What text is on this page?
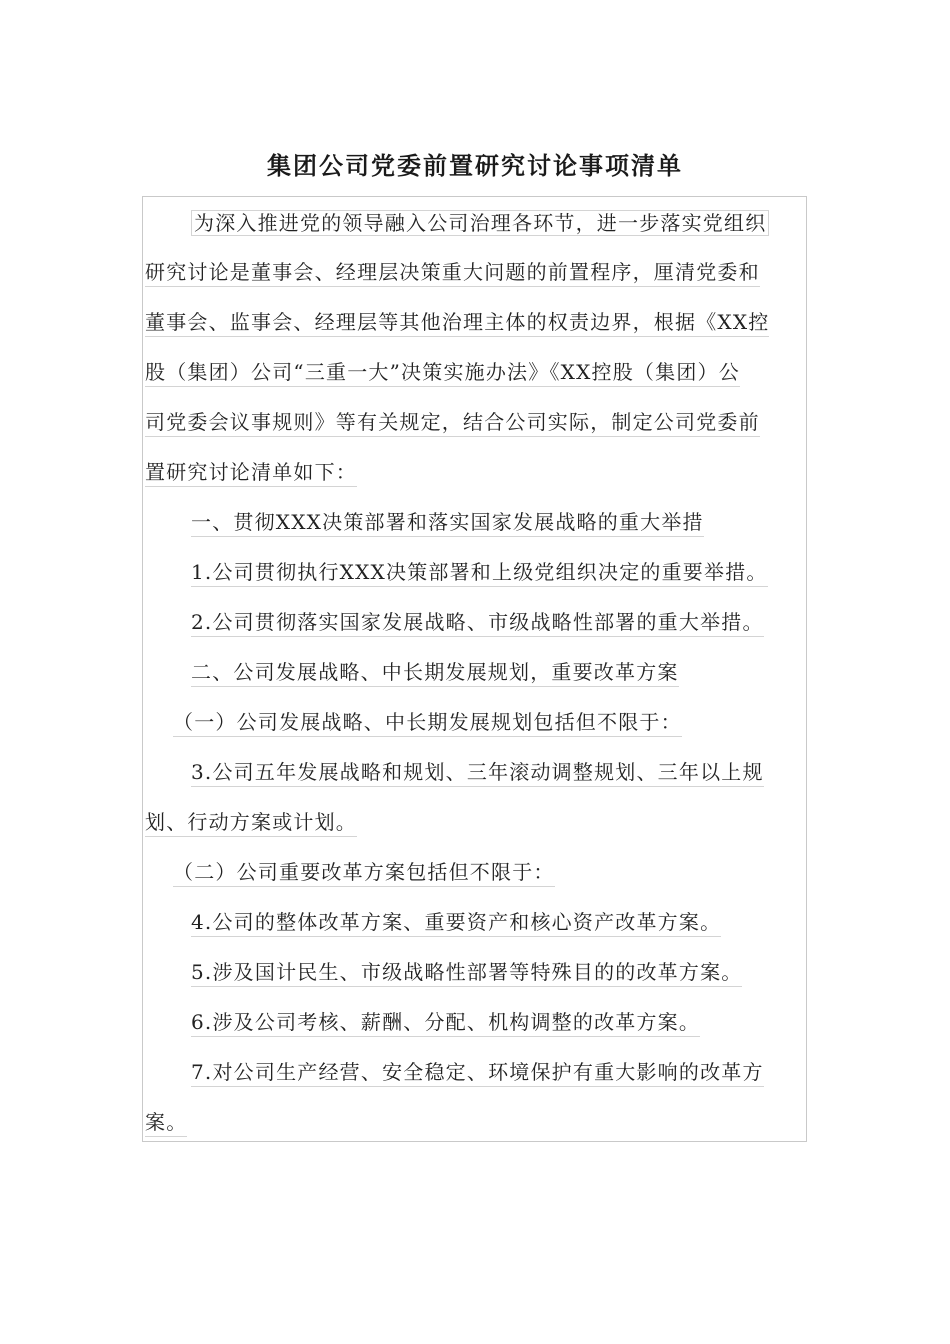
集团公司党委前置研究讨论事项清单
为深入推进党的领导融入公司治理各环节，进一步落实党组织
研究讨论是董事会、经理层决策重大问题的前置程序，厘清党委和
董事会、监事会、经理层等其他治理主体的权责边界，根据《XX控
股（集团）公司“三重一大”决策实施办法》《XX控股（集团）公
司党委会议事规则》等有关规定，结合公司实际，制定公司党委前
置研究讨论清单如下：
一、贯彻XXX决策部署和落实国家发展战略的重大举措
1.公司贯彻执行XXX决策部署和上级党组织决定的重要举措。
2.公司贯彻落实国家发展战略、市级战略性部署的重大举措。
二、公司发展战略、中长期发展规划，重要改革方案
（一）公司发展战略、中长期发展规划包括但不限于：
3.公司五年发展战略和规划、三年滚动调整规划、三年以上规
划、行动方案或计划。
（二）公司重要改革方案包括但不限于：
4.公司的整体改革方案、重要资产和核心资产改革方案。
5.涉及国计民生、市级战略性部署等特殊目的的改革方案。
6.涉及公司考核、薪酬、分配、机构调整的改革方案。
7.对公司生产经营、安全稳定、环境保护有重大影响的改革方
案。
